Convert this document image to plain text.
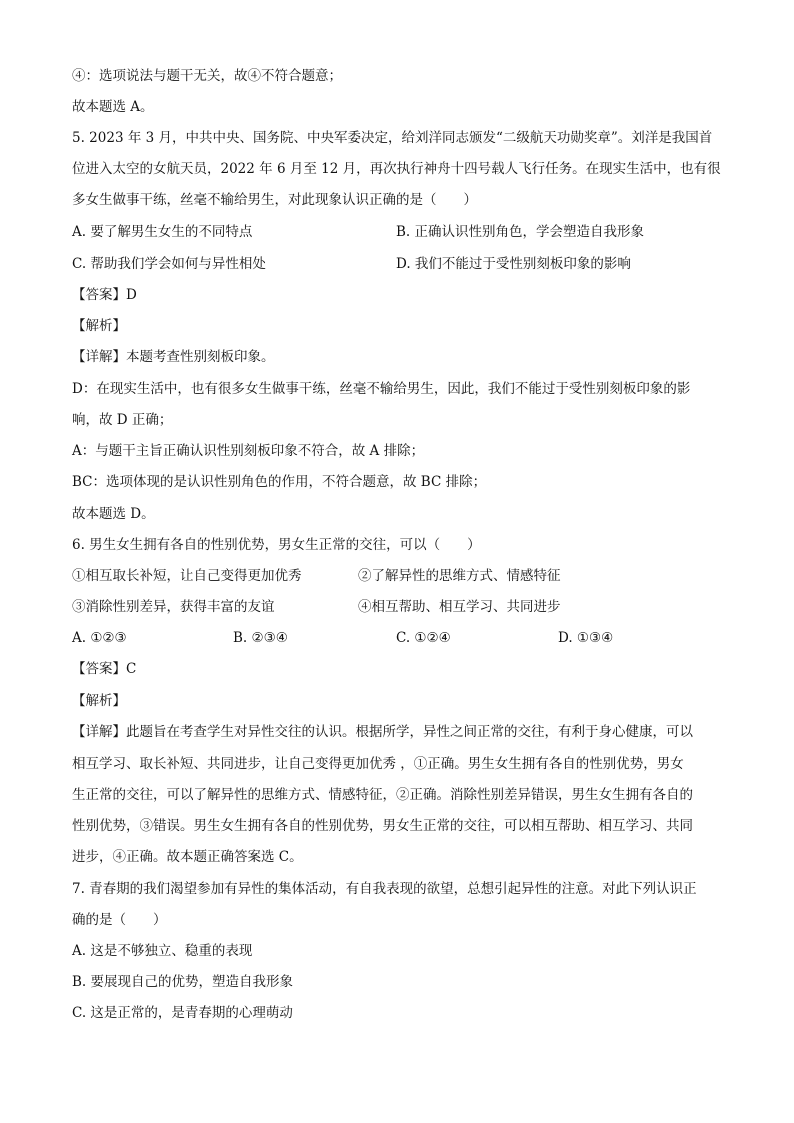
④：选项说法与题干无关，故④不符合题意；
故本题选 A。
5. 2023 年 3 月，中共中央、国务院、中央军委决定，给刘洋同志颁发“二级航天功勋奖章”。刘洋是我国首
位进入太空的女航天员，2022 年 6 月至 12 月，再次执行神舟十四号载人飞行任务。在现实生活中，也有很
多女生做事干练，丝毫不输给男生，对此现象认识正确的是（　　）
A. 要了解男生女生的不同特点	B. 正确认识性别角色，学会塑造自我形象
C. 帮助我们学会如何与异性相处	D. 我们不能过于受性别刻板印象的影响
【答案】D
【解析】
【详解】本题考查性别刻板印象。
D：在现实生活中，也有很多女生做事干练，丝毫不输给男生，因此，我们不能过于受性别刻板印象的影
响，故 D 正确；
A：与题干主旨正确认识性别刻板印象不符合，故 A 排除；
BC：选项体现的是认识性别角色的作用，不符合题意，故 BC 排除；
故本题选 D。
6. 男生女生拥有各自的性别优势，男女生正常的交往，可以（　　）
①相互取长补短，让自己变得更加优秀	②了解异性的思维方式、情感特征
③消除性别差异，获得丰富的友谊	④相互帮助、相互学习、共同进步
A. ①②③	B. ②③④	C. ①②④	D. ①③④
【答案】C
【解析】
【详解】此题旨在考查学生对异性交往的认识。根据所学，异性之间正常的交往，有利于身心健康，可以
相互学习、取长补短、共同进步，让自己变得更加优秀 ，①正确。男生女生拥有各自的性别优势，男女
生正常的交往，可以了解异性的思维方式、情感特征，②正确。消除性别差异错误，男生女生拥有各自的
性别优势，③错误。男生女生拥有各自的性别优势，男女生正常的交往，可以相互帮助、相互学习、共同
进步，④正确。故本题正确答案选 C。
7. 青春期的我们渴望参加有异性的集体活动，有自我表现的欲望，总想引起异性的注意。对此下列认识正
确的是（　　）
A. 这是不够独立、稳重的表现
B. 要展现自己的优势，塑造自我形象
C. 这是正常的，是青春期的心理萌动
